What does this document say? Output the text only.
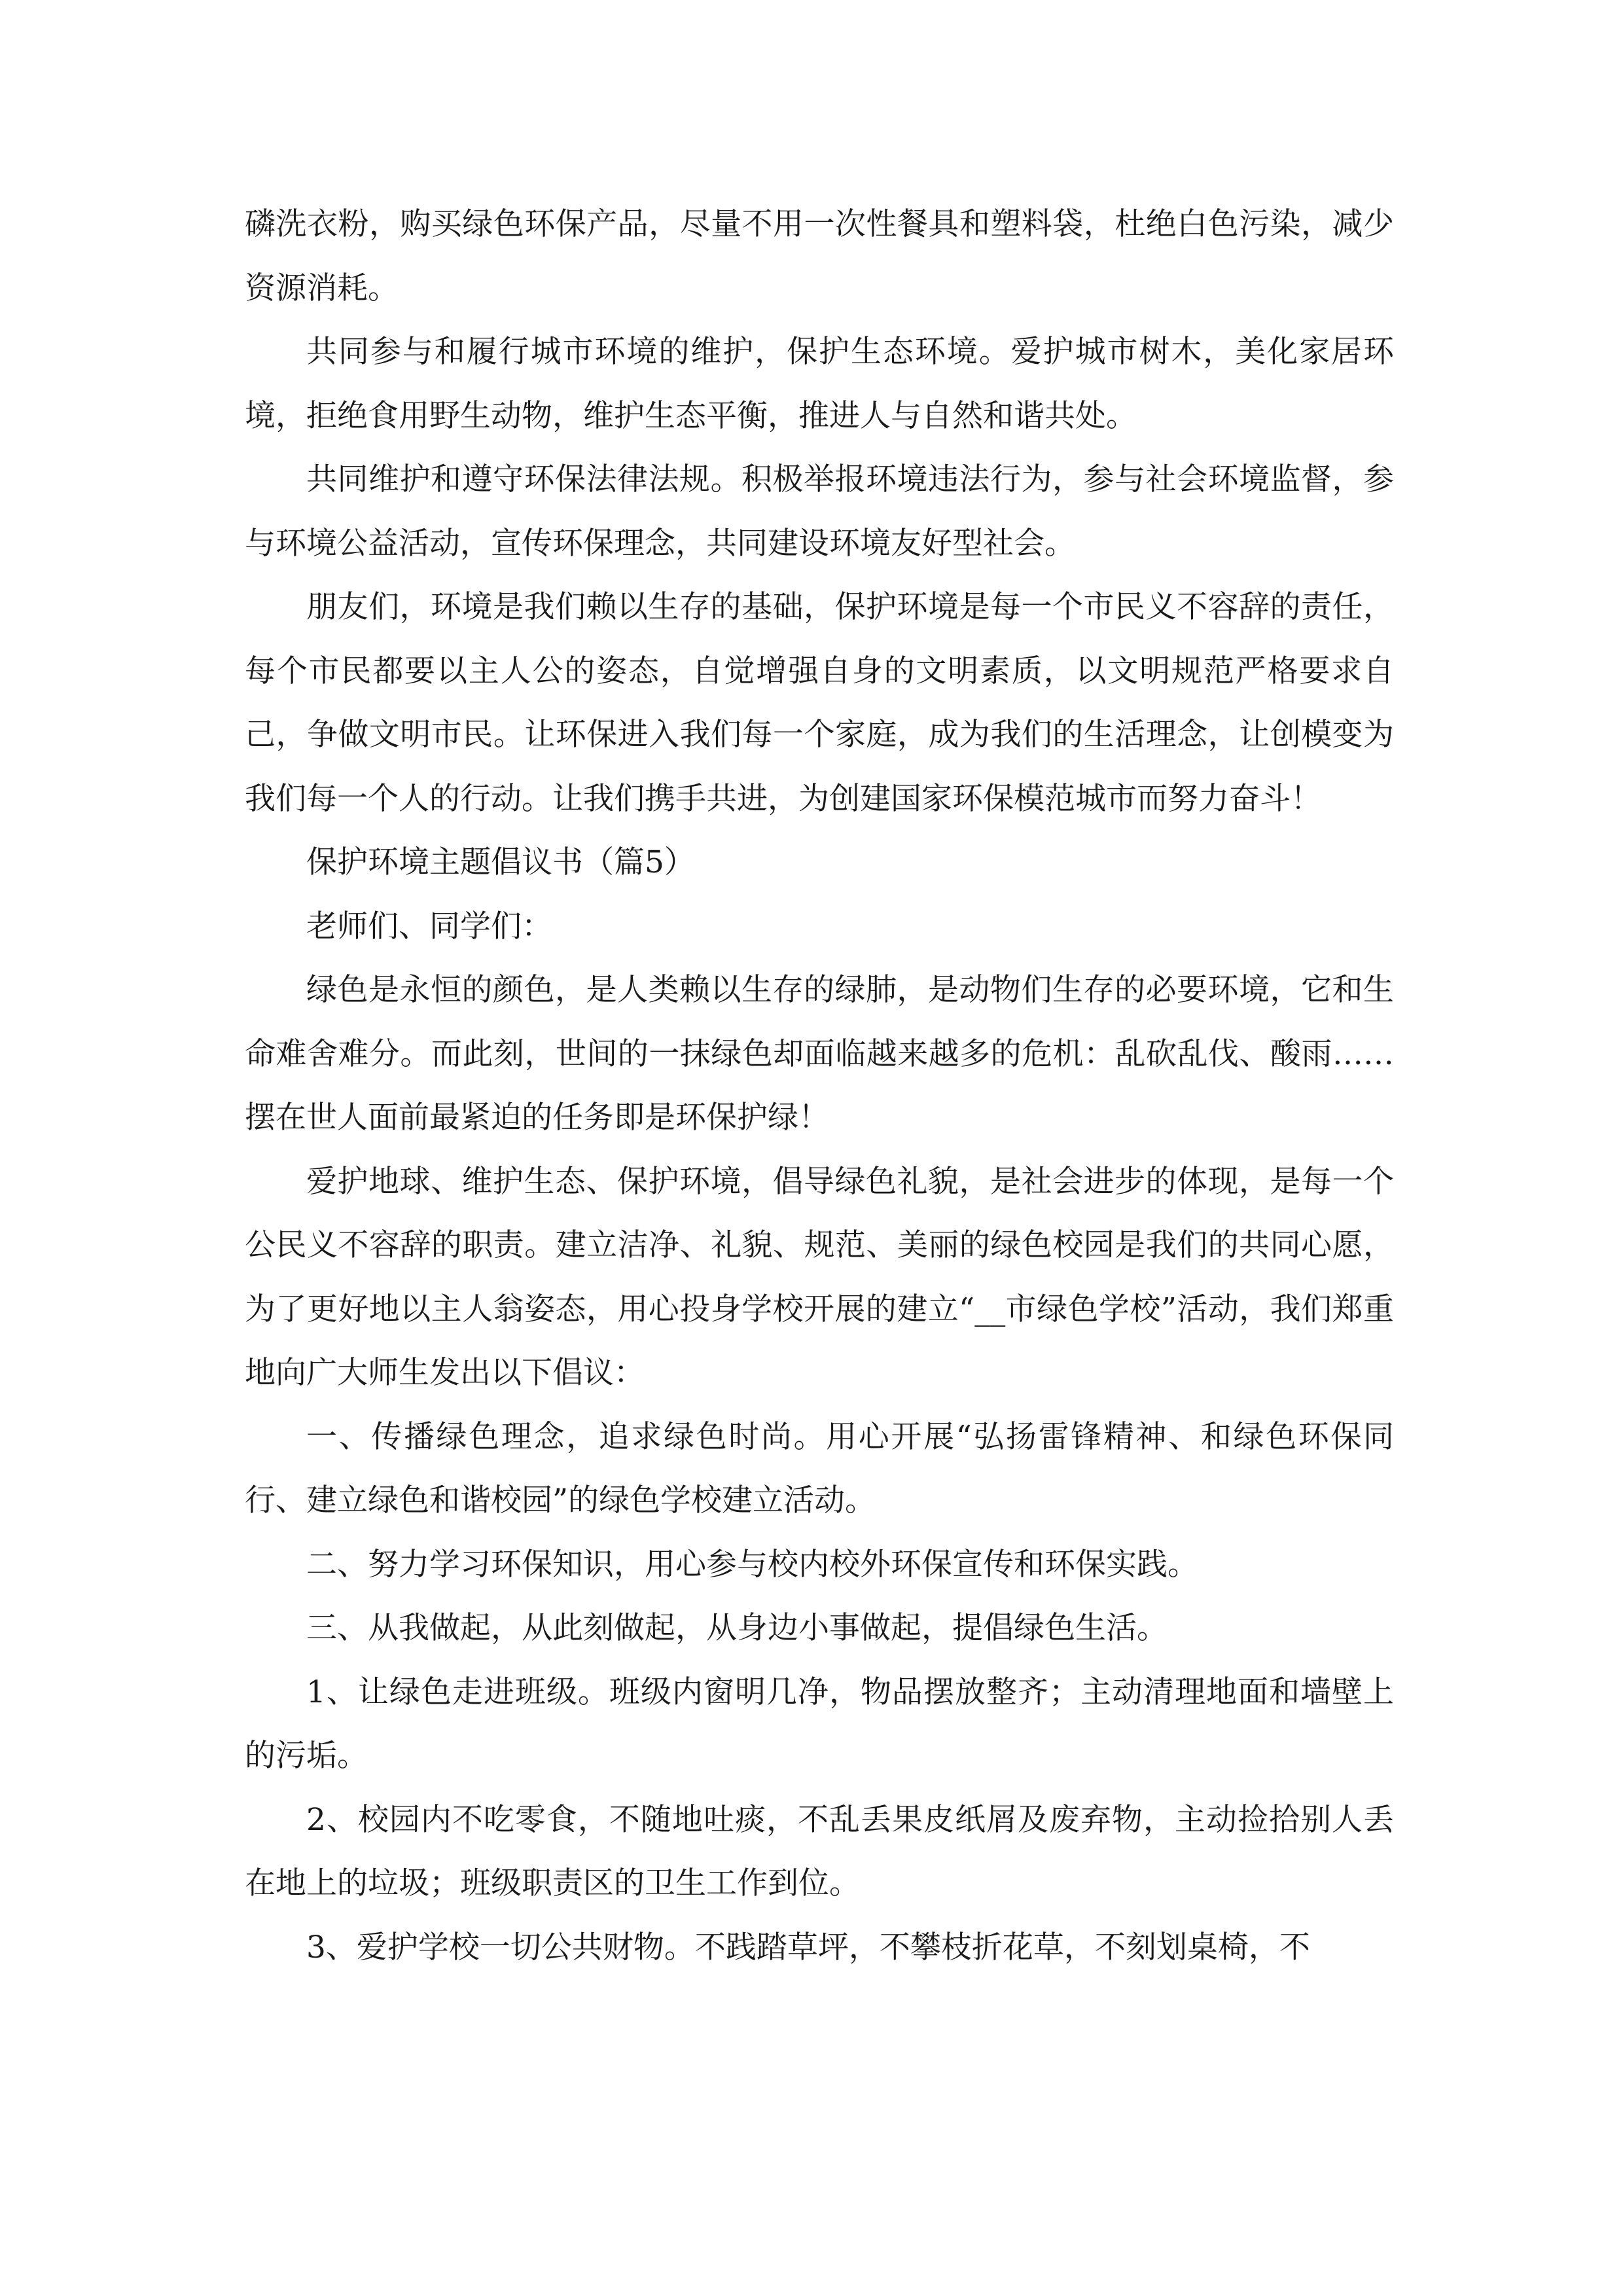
磷洗衣粉，购买绿色环保产品，尽量不用一次性餐具和塑料袋，杜绝白色污染，减少资源消耗。

共同参与和履行城市环境的维护，保护生态环境。爱护城市树木，美化家居环境，拒绝食用野生动物，维护生态平衡，推进人与自然和谐共处。

共同维护和遵守环保法律法规。积极举报环境违法行为，参与社会环境监督，参与环境公益活动，宣传环保理念，共同建设环境友好型社会。

朋友们，环境是我们赖以生存的基础，保护环境是每一个市民义不容辞的责任，每个市民都要以主人公的姿态，自觉增强自身的文明素质，以文明规范严格要求自己，争做文明市民。让环保进入我们每一个家庭，成为我们的生活理念，让创模变为我们每一个人的行动。让我们携手共进，为创建国家环保模范城市而努力奋斗！

保护环境主题倡议书（篇5）

老师们、同学们：

绿色是永恒的颜色，是人类赖以生存的绿肺，是动物们生存的必要环境，它和生命难舍难分。而此刻，世间的一抹绿色却面临越来越多的危机：乱砍乱伐、酸雨……摆在世人面前最紧迫的任务即是环保护绿！

爱护地球、维护生态、保护环境，倡导绿色礼貌，是社会进步的体现，是每一个公民义不容辞的职责。建立洁净、礼貌、规范、美丽的绿色校园是我们的共同心愿，为了更好地以主人翁姿态，用心投身学校开展的建立“__市绿色学校”活动，我们郑重地向广大师生发出以下倡议：

一、传播绿色理念，追求绿色时尚。用心开展“弘扬雷锋精神、和绿色环保同行、建立绿色和谐校园”的绿色学校建立活动。

二、努力学习环保知识，用心参与校内校外环保宣传和环保实践。

三、从我做起，从此刻做起，从身边小事做起，提倡绿色生活。

1、让绿色走进班级。班级内窗明几净，物品摆放整齐；主动清理地面和墙壁上的污垢。

2、校园内不吃零食，不随地吐痰，不乱丢果皮纸屑及废弃物，主动捡拾别人丢在地上的垃圾；班级职责区的卫生工作到位。

3、爱护学校一切公共财物。不践踏草坪，不攀枝折花草，不刻划桌椅，不
